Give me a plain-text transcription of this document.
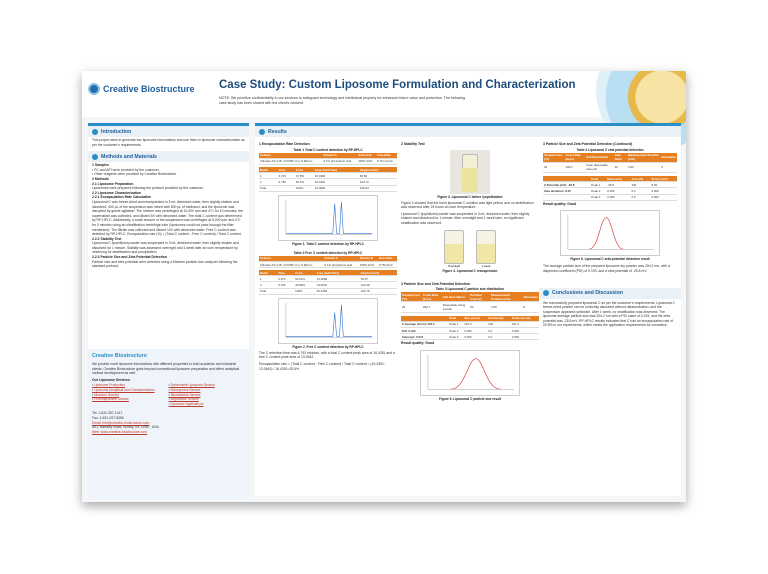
Creative Biostructure Case Study: Custom Liposome Formulation and Characterization
NOTE: We prioritize confidentiality in our services to safeguard technology and intellectual property for enhanced future value and protection. The following case study has been shared with the client's consent.
Introduction
This project aims to generate two liposome formulations and use them in liposome characterization as per the customer's requirements.
Methods and Materials
1 Samples
• PC and API were provided by the customer.
• Other reagents were provided by Creative Biostructure.
2 Methods
2.1 Liposome Preparation
Liposomes were prepared following the protocol provided by the customer.
2.2 Liposome Characterization
2.2.1 Encapsulation Rate Calculation
Liposomal C was freeze-dried and resuspended in 3 mL deionized water, then slightly shaken and dissolved. 400 µL of the suspension was mixed with 800 µL of methanol, and the liposome was disrupted by gentle agitation. The mixture was centrifuged at 10,000 rpm and 4°C for 10 minutes, the supernatant was collected, and diluted 5X with deionized water. The total C content was determined by RP-HPLC. Additionally, a small amount of the suspension was centrifuged at 5,000 rpm and 4°C for 5 minutes using an ultrafiltration centrifuge tube (liposomes could not pass through the filter membrane). The filtrate was collected and diluted 10X with deionized water. Free C content was detected by RP-HPLC. Encapsulation rate (%) = (Total C content - Free C content) / Total C content.
2.2.2 Stability Test
Liposomal C lyophilized powder was suspended in 3 mL deionized water, then slightly shaken and dissolved for 1 minute. Stability was assessed overnight and 1 week later at room temperature by observing for stratification and precipitation.
2.2.3 Particle Size and Zeta Potential Detection
Particle size and zeta potential were detected using a Malvern particle size analyzer following the standard protocol.
Creative Biostructure
We provide novel liposome formulations with different properties to both academic and industrial clients. Creative Biostructure goes beyond conventional liposome preparation and offers analytical method development as well.
Our Liposome Services
• Liposome Production
• Liposome Analytical and Characterization
• Niosome Service
• Proteoliposome Service
• Deformable Liposome Service
• Nanosphere Service
• Microbubble Service
• Migrosome Service
• Liposome Applications
Tel: 1-631-357-1417
Fax: 1-631-207-8356
Email: info@creative-biostructure.com
45-1 Ramsey Road, Shirley, NY 11967, USA
Web: www.creative-biostructure.com
Results
1 Encapsulation Rate Detection
Table 1 Total C content detection by RP-HPLC
Column	Solvent A	Solvent B	Flow Rate
Ultimate XS-C18, 4.6X250 mm, 5-Micron	0.1% phosphoric acid	100% ACN	0.75 mL/min
Batch	Time	Conc.	Area (mAU*min)	Height (mAU)
1	6.373	47.8%	15.0482	82.80
2	6.783	52.2%	16.4351	104.72
Total		100%	31.4834	219.53
Figure 1. Total C content detection by RP-HPLC
Table 2 Free C content detection by RP-HPLC
Column	Solvent A	Solvent B	Flow Rate
Ultimate XS-C18, 4.6X250 mm, 5-Micron	0.1% phosphoric acid	100% ACN	0.75ml/min
Batch	Time	Conc.	Area (mAU*min)	Height (mAU)
1	6.373	50.01%	13.2808	78.07
2	6.793	49.99%	13.0642	122.39
Total		100%	26.3450	192.76
Figure 2. Free C content detection by RP-HPLC
The C retention time was 6.793 minutes, with a total C content peak area of 16.4351 and a free C content peak area of 13.0642.
Encapsulation rate = (Total C content - Free C content) / Total C content = (16.4351-13.0642) / 16.4351=20.5%
2 Stability Test
Figure 3. Liposomal C before lyophilization
Figure 3 showed that the fresh liposomal C solution was light yellow, and no stratification was observed after 24 hours at room temperature.
Liposomal C lyophilized powder was suspended in 3 mL deionized water, then slightly shaken and dissolved for 1 minute. After overnight and 1 week later, no significant stratification was observed.
Overnight	1 week
Figure 4. Liposomal C resuspension
3 Particle Size and Zeta Potential Detection
Table 3 Liposomal C particle size distribution
Tempera ture (°C)	Count Rate (kcps)	Cell Description	Duration Used (s)	Measurement Position (mm)	Attenuator
25	290.7	Disposable sizing cuvette	50	4.65	8
	Peak	Size (d.nm)	% Intensity	St Dev (d.nm)
Z-Average (d.nm): 204.2	Peak 1	261.4	100	161.2
PdI: 0.193	Peak 2	0.000	0.0	0.000
Intercept: 0.947	Peak 3	0.000	0.0	0.000
Result quality: Good
Figure 5. Liposomal C particle size result
3 Particle Size and Zeta Potential Detection (Continued)
Table 4 Liposomal C zeta potential detection
Tempera ture (°C)	Count Rate (kcps)	Cell Description	Zeta Runs	Measurement Position (mm)	Attenuator
25	100.1	Clear disposable zeta cell	12	2.00	6
	Peak	Mean (mV)	Area (%)	St Dev (mV)
Z-Potential (mV): -25.8	Peak 1	-25.8	100	8.45
Zeta deviation: 8.45	Peak 2	0.000	0.0	0.000
	Peak 3	0.000	0.0	0.000
Result quality: Good
Figure 6. Liposomal C zeta potential detection result
The average particle size of the prepared liposome dry powder was 204.2 nm, with a dispersion coefficient (PDI) of 0.193, and a zeta potential of -25.8 mV.
Conclusions and Discussion
We successfully prepared liposomal C as per the customer's requirements. Liposomal C freeze-dried powder can be uniformly dissolved without ultrasonication, and the suspension appeared yellowish. After 1 week, no stratification was observed. The liposome average particle size was 204.2 nm with a PDI value of 0.193, and the zeta potential was -25.8 mV. RP-HPLC results indicated that C had an encapsulation rate of 20.5% in our experiments, which meets the application requirements for cosmetics.
